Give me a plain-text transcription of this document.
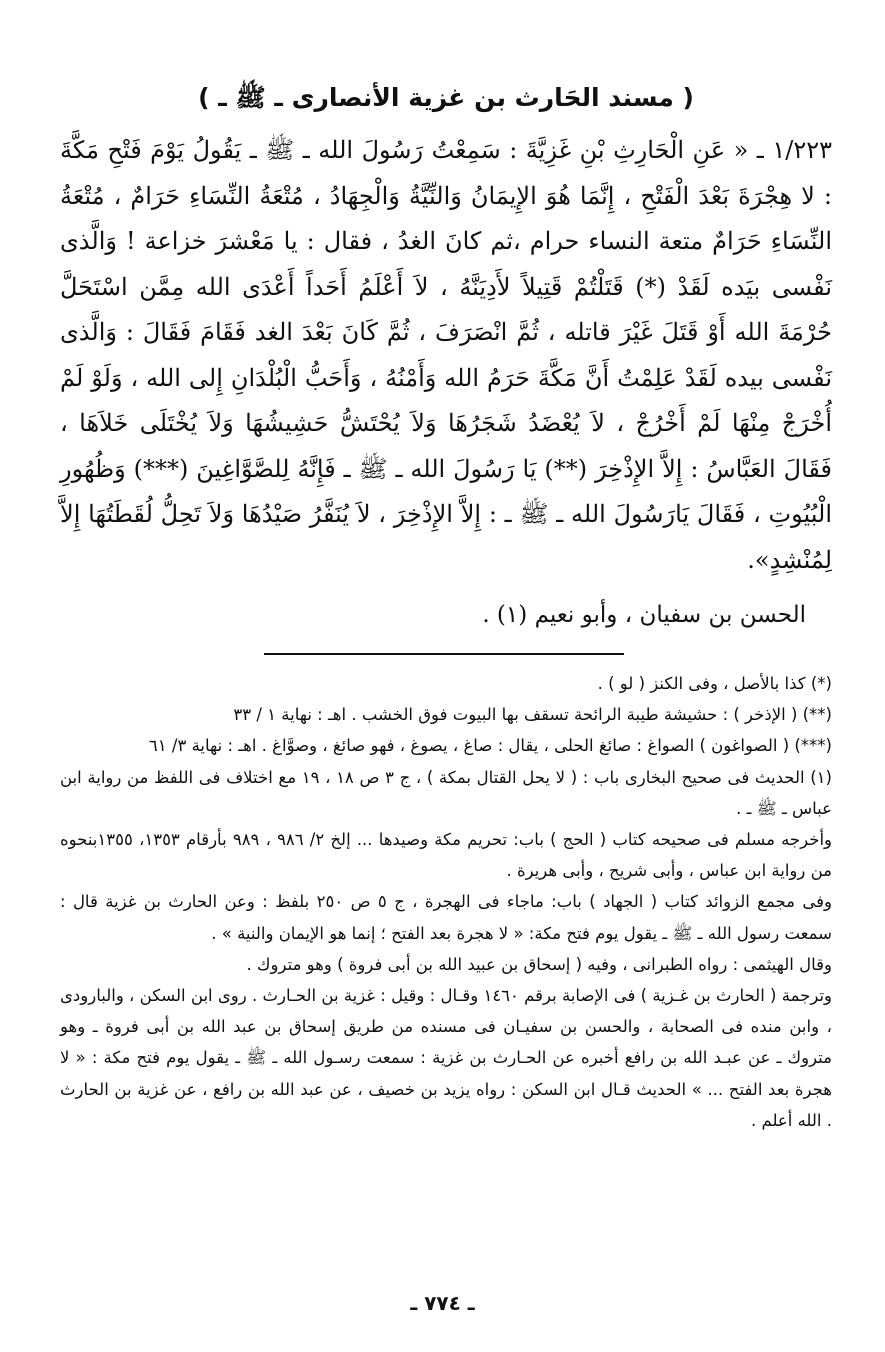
( مسند الحَارث بن غزية الأنصارى ـ ﷺ ـ )

١/٢٢٣ ـ « عَنِ الْحَارِثِ بْنِ غَزِيَّةَ : سَمِعْتُ رَسُولَ الله ـ ﷺ ـ يَقُولُ يَوْمَ فَتْحِ مَكَّةَ : لا هِجْرَةَ بَعْدَ الْفَتْحِ ، إِنَّمَا هُوَ الإِيمَانُ وَالنِّيَّةُ وَالْجِهَادُ ، مُتْعَةُ النِّسَاءِ حَرَامٌ ، مُتْعَةُ النِّسَاءِ حَرَامٌ متعة النساء حرام ،ثم كانَ الغدُ ، فقال : يا مَعْشرَ خزاعة ! وَالَّذى نَفْسى بيَده لَقَدْ (*) قَتَلْتُمْ قَتِيلاً لأَدِيَنَّهُ ، لاَ أَعْلَمُ أَحَداً أَعْدَى الله مِمَّن اسْتَحَلَّ حُرْمَةَ الله أَوْ قَتَلَ غَيْرَ قاتله ، ثُمَّ انْصَرَفَ ، ثُمَّ كَانَ بَعْدَ الغد فَقَامَ فَقَالَ : وَالَّذى نَفْسى بيده لَقَدْ عَلِمْتُ أَنَّ مَكَّةَ حَرَمُ الله وَأَمْنُهُ ، وَأَحَبُّ الْبُلْدَانِ إِلى الله ، وَلَوْ لَمْ أُخْرَجْ مِنْهَا لَمْ أَخْرُجْ ، لاَ يُعْضَدُ شَجَرُهَا وَلاَ يُحْتَشُّ حَشِيشُهَا وَلاَ يُخْتَلَى خَلاَهَا ، فَقَالَ العَبَّاسُ : إِلاَّ الإِذْخِرَ (**) يَا رَسُولَ الله ـ ﷺ ـ فَإِنَّهُ لِلصَّوَّاغِينَ (***) وَظُهُورِ الْبُيُوتِ ، فَقَالَ يَارَسُولَ الله ـ ﷺ ـ : إِلاَّ الإِذْخِرَ ، لاَ يُنَفَّرُ صَيْدُهَا وَلاَ تَحِلُّ لُقَطَتُهَا إِلاَّ لِمُنْشِدٍ».

الحسن بن سفيان ، وأبو نعيم (١) .

(*) كذا بالأصل ، وفى الكنز ( لو ) .

(**) ( الإذخر ) : حشيشة طيبة الرائحة تسقف بها البيوت فوق الخشب . اهـ : نهاية ١ / ٣٣

(***) ( الصواغون ) الصواغ : صائغ الحلى ، يقال : صاغ ، يصوغ ، فهو صائغ ، وصوَّاغ . اهـ : نهاية ٣/ ٦١

(١) الحديث فى صحيح البخارى باب : ( لا يحل القتال بمكة ) ، ج ٣ ص ١٨ ، ١٩ مع اختلاف فى اللفظ من رواية ابن عباس ـ ﷺ ـ .

وأخرجه مسلم فى صحيحه كتاب ( الحج ) باب: تحريم مكة وصيدها ... إلخ ٢/ ٩٨٦ ، ٩٨٩ بأرقام ١٣٥٣، ١٣٥٥بنحوه من رواية ابن عباس ، وأبى شريح ، وأبى هريرة .

وفى مجمع الزوائد كتاب ( الجهاد ) باب: ماجاء فى الهجرة ، ج ٥ ص ٢٥٠ بلفظ : وعن الحارث بن غزية قال : سمعت رسول الله ـ ﷺ ـ يقول يوم فتح مكة: « لا هجرة بعد الفتح ؛ إنما هو الإيمان والنية » .

وقال الهيثمى : رواه الطبرانى ، وفيه ( إسحاق بن عبيد الله بن أبى فروة ) وهو متروك .

وترجمة ( الحارث بن غـزية ) فى الإصابة برقم ١٤٦٠ وقـال : وقيل : غزية بن الحـارث . روى ابن السكن ، والبارودى ، وابن منده فى الصحابة ، والحسن بن سفيـان فى مسنده من طريق إسحاق بن عبد الله بن أبى فروة ـ وهو متروك ـ عن عبـد الله بن رافع أخبره عن الحـارث بن غزية : سمعت رسـول الله ـ ﷺ ـ يقول يوم فتح مكة : « لا هجرة بعد الفتح ... » الحديث قـال ابن السكن : رواه يزيد بن خصيف ، عن عبد الله بن رافع ، عن غزية بن الحارث . الله أعلم .

ـ ٧٧٤ ـ
